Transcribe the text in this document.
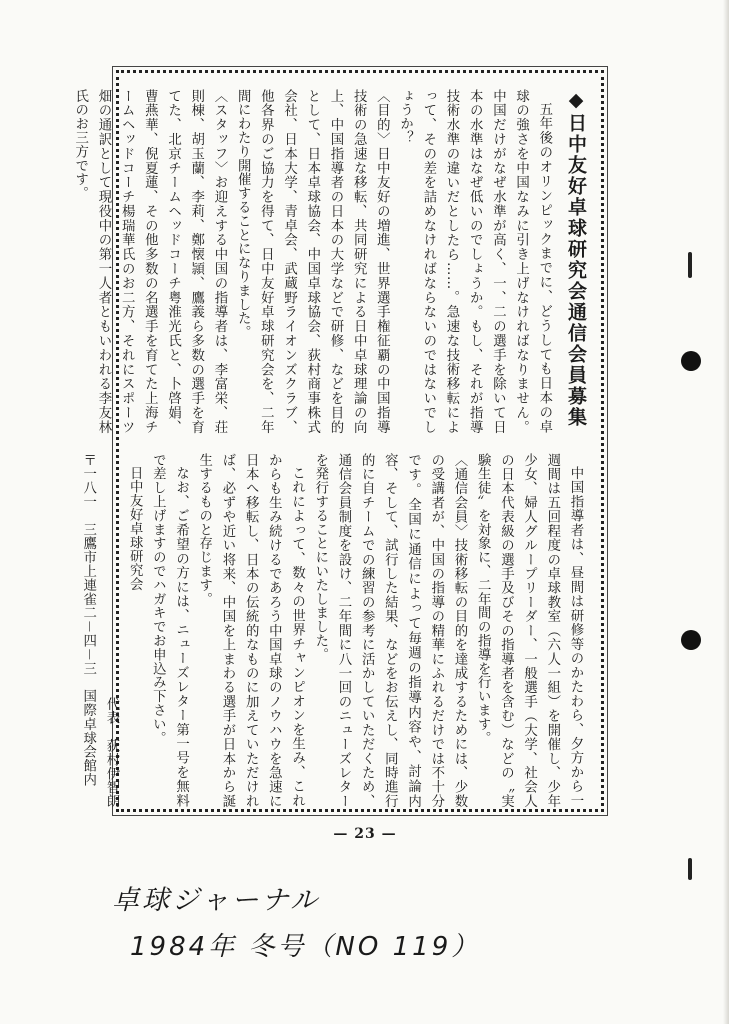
◆日中友好卓球研究会通信会員募集
五年後のオリンピックまでに、どうしても日本の卓球の強さを中国なみに引き上げなければなりません。中国だけがなぜ水準が高く、一、二の選手を除いて日本の水準はなぜ低いのでしょうか。もし、それが指導技術水準の違いだとしたら……。急速な技術移転によって、その差を詰めなければならないのではないでしょうか？
〈目的〉日中友好の増進、世界選手権征覇の中国指導技術の急速な移転、共同研究による日中卓球理論の向上、中国指導者の日本の大学などで研修、などを目的として、日本卓球協会、中国卓球協会、荻村商事株式会社、日本大学、青卓会、武蔵野ライオンズクラブ、他各界のご協力を得て、日中友好卓球研究会を、二年間にわたり開催することになりました。
〈スタッフ〉お迎えする中国の指導者は、李富栄、荘則棟、胡玉蘭、李莉、鄭懐頴、鷹義ら多数の選手を育てた、北京チームヘッドコーチ粤淮光氏と、卜啓娟、曹燕華、倪夏蓮、その他多数の名選手を育てた上海チームヘッドコーチ楊瑞華氏のお二方、それにスポーツ畑の通訳として現役中の第一人者ともいわれる李友林氏のお三方です。
中国指導者は、昼間は研修等のかたわら、夕方から一週間は五回程度の卓球教室（六人一組）を開催し、少年少女、婦人グループリーダー、一般選手（大学、社会人の日本代表級の選手及びその指導者を含む）などの〝実験生徒〟を対象に、二年間の指導を行います。
〈通信会員〉技術移転の目的を達成するためには、少数の受講者が、中国の指導の精華にふれるだけでは不十分です。全国に通信によって毎週の指導内容や、討論内容、そして、試行した結果、などをお伝えし、同時進行的に自チームでの練習の参考に活かしていただくため、通信会員制度を設け、二年間に八一回のニューズレターを発行することにいたしました。
これによって、数々の世界チャンピオンを生み、これからも生み続けるであろう中国卓球のノウハウを急速に日本へ移転し、日本の伝統的なものに加えていただければ、必ずや近い将来、中国を上まわる選手が日本から誕生するものと存じます。
なお、ご希望の方には、ニューズレター第一号を無料で差し上げますのでハガキでお申込み下さい。
日中友好卓球研究会
代表　荻村伊智朗
〒一八一　三鷹市上連雀二－四－三　国際卓球会館内
— 23 —
卓球ジャーナル
1984年 冬号（NO 119）
